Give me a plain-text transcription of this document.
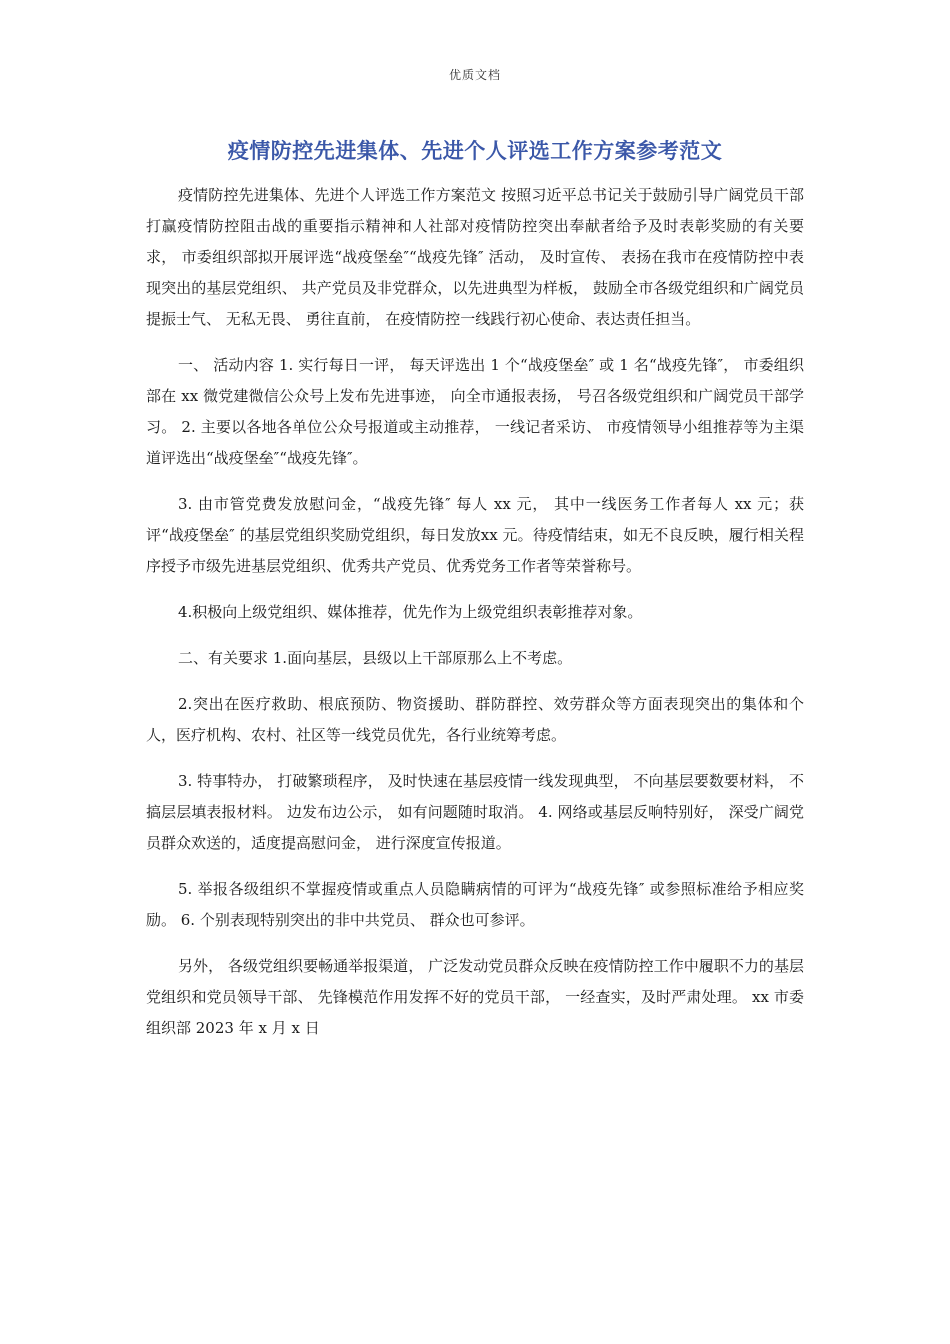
优质文档
疫情防控先进集体、先进个人评选工作方案参考范文

疫情防控先进集体、先进个人评选工作方案范文 按照习近平总书记关于鼓励引导广阔党员干部打赢疫情防控阻击战的重要指示精神和人社部对疫情防控突出奉献者给予及时表彰奖励的有关要求， 市委组织部拟开展评选“战疫堡垒″“战疫先锋″ 活动， 及时宣传、 表扬在我市在疫情防控中表现突出的基层党组织、 共产党员及非党群众，以先进典型为样板， 鼓励全市各级党组织和广阔党员提振士气、 无私无畏、 勇往直前， 在疫情防控一线践行初心使命、表达责任担当。

一、 活动内容 1. 实行每日一评， 每天评选出 1 个“战疫堡垒″ 或 1 名“战疫先锋″， 市委组织部在 xx 微党建微信公众号上发布先进事迹， 向全市通报表扬， 号召各级党组织和广阔党员干部学习。 2. 主要以各地各单位公众号报道或主动推荐， 一线记者采访、 市疫情领导小组推荐等为主渠道评选出“战疫堡垒″“战疫先锋″。

3. 由市管党费发放慰问金，“战疫先锋″ 每人 xx 元， 其中一线医务工作者每人 xx 元；获评“战疫堡垒″ 的基层党组织奖励党组织，每日发放xx 元。待疫情结束，如无不良反映，履行相关程序授予市级先进基层党组织、优秀共产党员、优秀党务工作者等荣誉称号。

4.积极向上级党组织、媒体推荐，优先作为上级党组织表彰推荐对象。

二、有关要求 1.面向基层，县级以上干部原那么上不考虑。

2.突出在医疗救助、根底预防、物资援助、群防群控、效劳群众等方面表现突出的集体和个人，医疗机构、农村、社区等一线党员优先，各行业统筹考虑。

3. 特事特办， 打破繁琐程序， 及时快速在基层疫情一线发现典型， 不向基层要数要材料， 不搞层层填表报材料。 边发布边公示， 如有问题随时取消。 4. 网络或基层反响特别好， 深受广阔党员群众欢送的，适度提高慰问金， 进行深度宣传报道。

5. 举报各级组织不掌握疫情或重点人员隐瞒病情的可评为“战疫先锋″ 或参照标准给予相应奖励。 6. 个别表现特别突出的非中共党员、 群众也可参评。

另外， 各级党组织要畅通举报渠道， 广泛发动党员群众反映在疫情防控工作中履职不力的基层党组织和党员领导干部、 先锋模范作用发挥不好的党员干部， 一经查实，及时严肃处理。 xx 市委组织部 2023 年 x 月 x 日
